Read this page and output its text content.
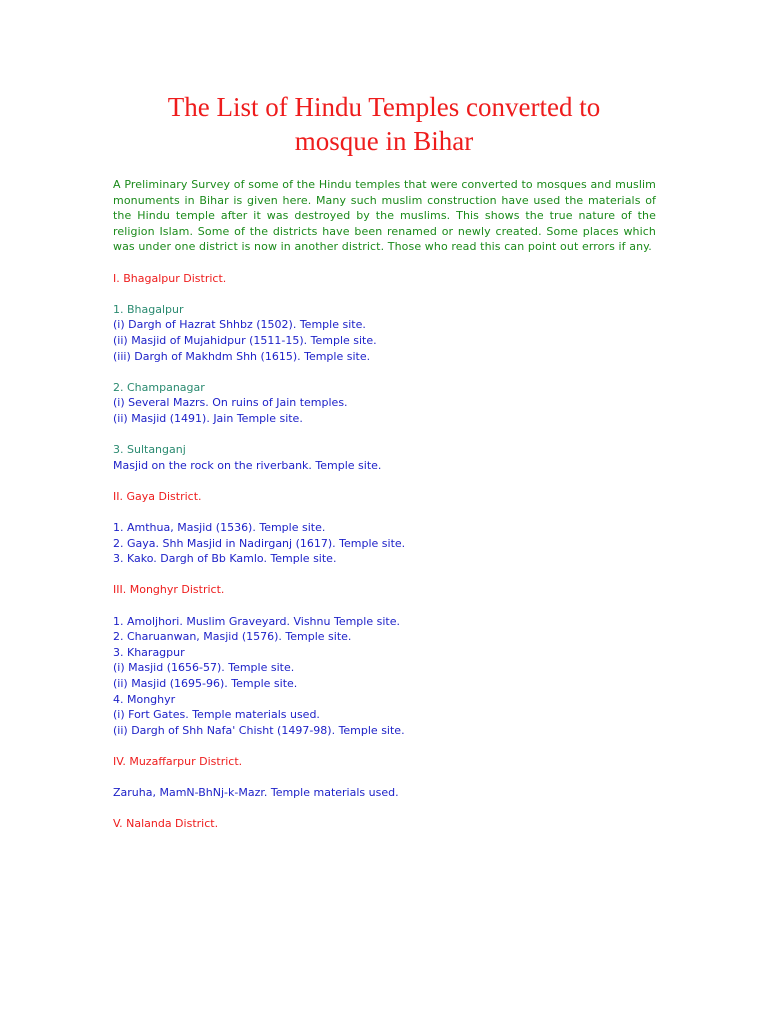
The List of Hindu Temples converted to
mosque in Bihar

A Preliminary Survey of some of the Hindu temples that were converted to mosques and muslim monuments in Bihar is given here. Many such muslim construction have used the materials of the Hindu temple after it was destroyed by the muslims. This shows the true nature of the religion Islam. Some of the districts have been renamed or newly created. Some places which was under one district is now in another district. Those who read this can point out errors if any.

I. Bhagalpur District.

1. Bhagalpur

(i) Dargh of Hazrat Shhbz (1502). Temple site.

(ii) Masjid of Mujahidpur (1511-15). Temple site.

(iii) Dargh of Makhdm Shh (1615). Temple site.

2. Champanagar

(i) Several Mazrs. On ruins of Jain temples.

(ii) Masjid (1491). Jain Temple site.

3. Sultanganj

Masjid on the rock on the riverbank. Temple site.

II. Gaya District.

1. Amthua, Masjid (1536). Temple site.

2. Gaya. Shh Masjid in Nadirganj (1617). Temple site.

3. Kako. Dargh of Bb Kamlo. Temple site.

III. Monghyr District.

1. Amoljhori. Muslim Graveyard. Vishnu Temple site.

2. Charuanwan, Masjid (1576). Temple site.

3. Kharagpur

(i) Masjid (1656-57). Temple site.

(ii) Masjid (1695-96). Temple site.

4. Monghyr

(i) Fort Gates. Temple materials used.

(ii) Dargh of Shh Nafa' Chisht (1497-98). Temple site.

IV. Muzaffarpur District.

Zaruha, MamN-BhNj-k-Mazr. Temple materials used.

V. Nalanda District.
